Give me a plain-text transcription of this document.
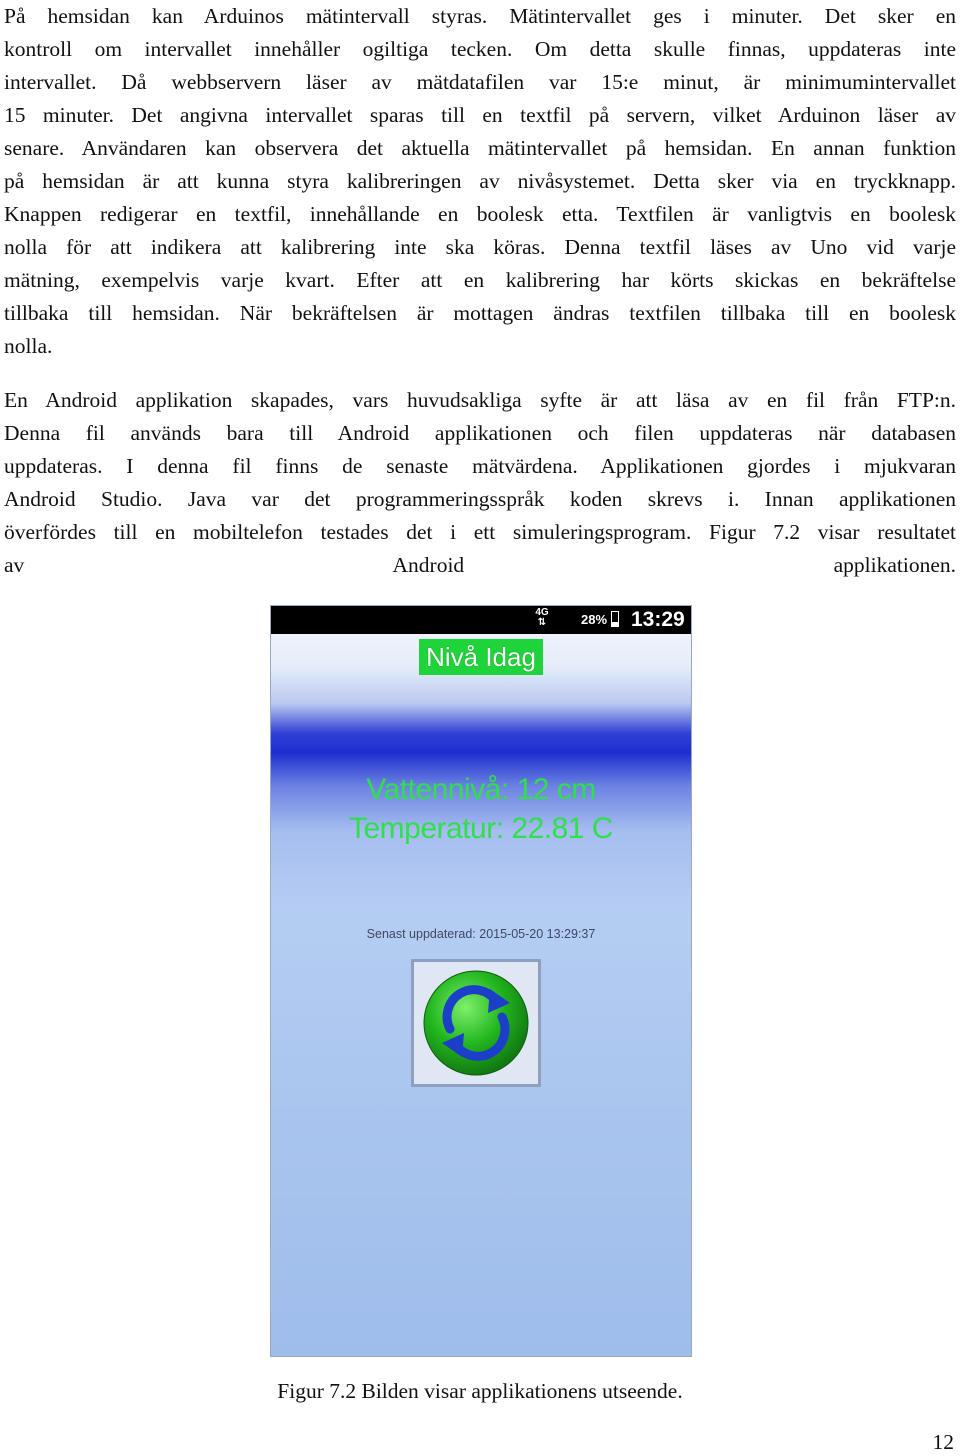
På hemsidan kan Arduinos mätintervall styras. Mätintervallet ges i minuter. Det sker en
kontroll om intervallet innehåller ogiltiga tecken. Om detta skulle finnas, uppdateras inte
intervallet. Då webbservern läser av mätdatafilen var 15:e minut, är minimumintervallet
15 minuter. Det angivna intervallet sparas till en textfil på servern, vilket Arduinon läser av
senare. Användaren kan observera det aktuella mätintervallet på hemsidan. En annan funktion
på hemsidan är att kunna styra kalibreringen av nivåsystemet. Detta sker via en tryckknapp.
Knappen redigerar en textfil, innehållande en boolesk etta. Textfilen är vanligtvis en boolesk
nolla för att indikera att kalibrering inte ska köras. Denna textfil läses av Uno vid varje
mätning, exempelvis varje kvart. Efter att en kalibrering har körts skickas en bekräftelse
tillbaka till hemsidan. När bekräftelsen är mottagen ändras textfilen tillbaka till en boolesk
nolla.
En Android applikation skapades, vars huvudsakliga syfte är att läsa av en fil från FTP:n.
Denna fil används bara till Android applikationen och filen uppdateras när databasen
uppdateras. I denna fil finns de senaste mätvärdena. Applikationen gjordes i mjukvaran
Android Studio. Java var det programmeringsspråk koden skrevs i. Innan applikationen
överfördes till en mobiltelefon testades det i ett simuleringsprogram. Figur 7.2 visar resultatet
av Android applikationen.
4G
⇅	28% 13:29
Nivå Idag
Vattennivå: 12 cm
Temperatur: 22.81 C
Senast uppdaterad: 2015-05-20 13:29:37
Figur 7.2 Bilden visar applikationens utseende.
12
